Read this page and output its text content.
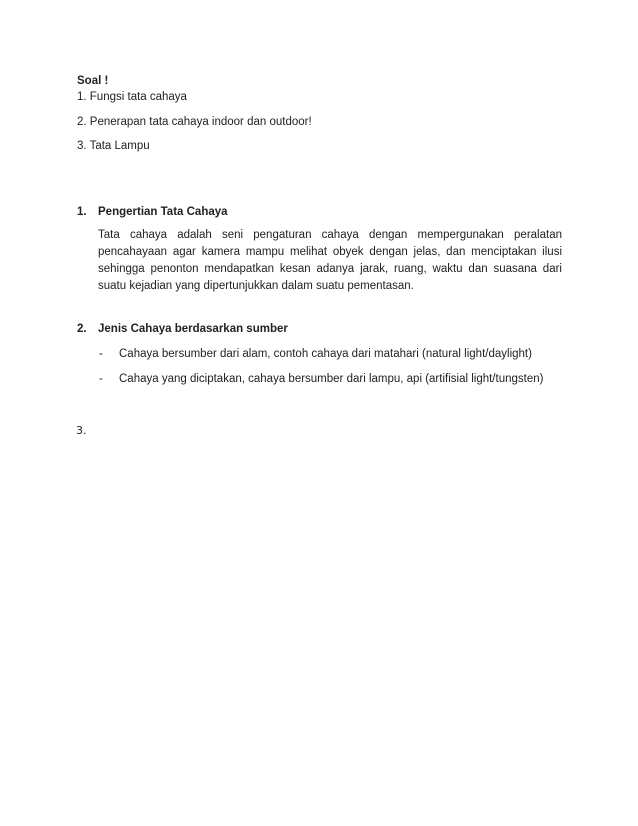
Soal !
1. Fungsi tata cahaya
2. Penerapan tata cahaya indoor dan outdoor!
3. Tata Lampu
1. Pengertian Tata Cahaya
Tata cahaya adalah seni pengaturan cahaya dengan mempergunakan peralatan pencahayaan agar kamera mampu melihat obyek dengan jelas, dan menciptakan ilusi sehingga penonton mendapatkan kesan adanya jarak, ruang, waktu dan suasana dari suatu kejadian yang dipertunjukkan dalam suatu pementasan.
2. Jenis Cahaya berdasarkan sumber
- Cahaya bersumber dari alam, contoh cahaya dari matahari (natural light/daylight)
- Cahaya yang diciptakan, cahaya bersumber dari lampu, api (artifisial light/tungsten)
3.
